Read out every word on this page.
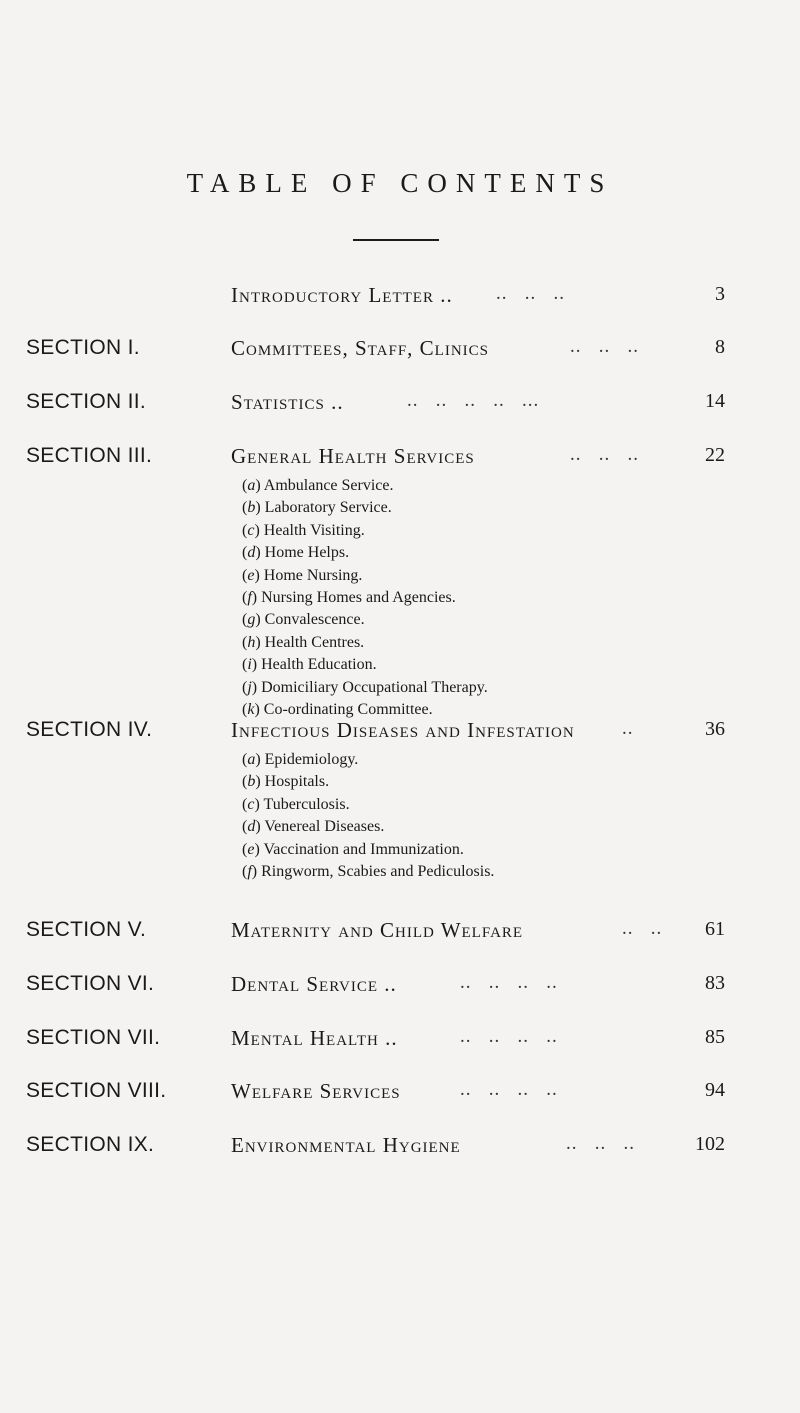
TABLE OF CONTENTS
Introductory Letter .. ..   ..   ..	3
SECTION I.	Committees, Staff, Clinics	..   ..   ..	8
SECTION II.	Statistics ..	..   ..   ..   ..   ...	14
SECTION III.	General Health Services	..   ..   ..	22
(a) Ambulance Service.
(b) Laboratory Service.
(c) Health Visiting.
(d) Home Helps.
(e) Home Nursing.
(f) Nursing Homes and Agencies.
(g) Convalescence.
(h) Health Centres.
(i) Health Education.
(j) Domiciliary Occupational Therapy.
(k) Co-ordinating Committee.
SECTION IV.	Infectious Diseases and Infestation ..	36
(a) Epidemiology.
(b) Hospitals.
(c) Tuberculosis.
(d) Venereal Diseases.
(e) Vaccination and Immunization.
(f) Ringworm, Scabies and Pediculosis.
SECTION V.	Maternity and Child Welfare	..   .. 61
SECTION VI.	Dental Service ..	..   ..   ..   ..	83
SECTION VII.	Mental Health ..	..   ..   ..   ..	85
SECTION VIII.	Welfare Services	..   ..   ..   ..	94
SECTION IX.	Environmental Hygiene	..   ..   ..	102
